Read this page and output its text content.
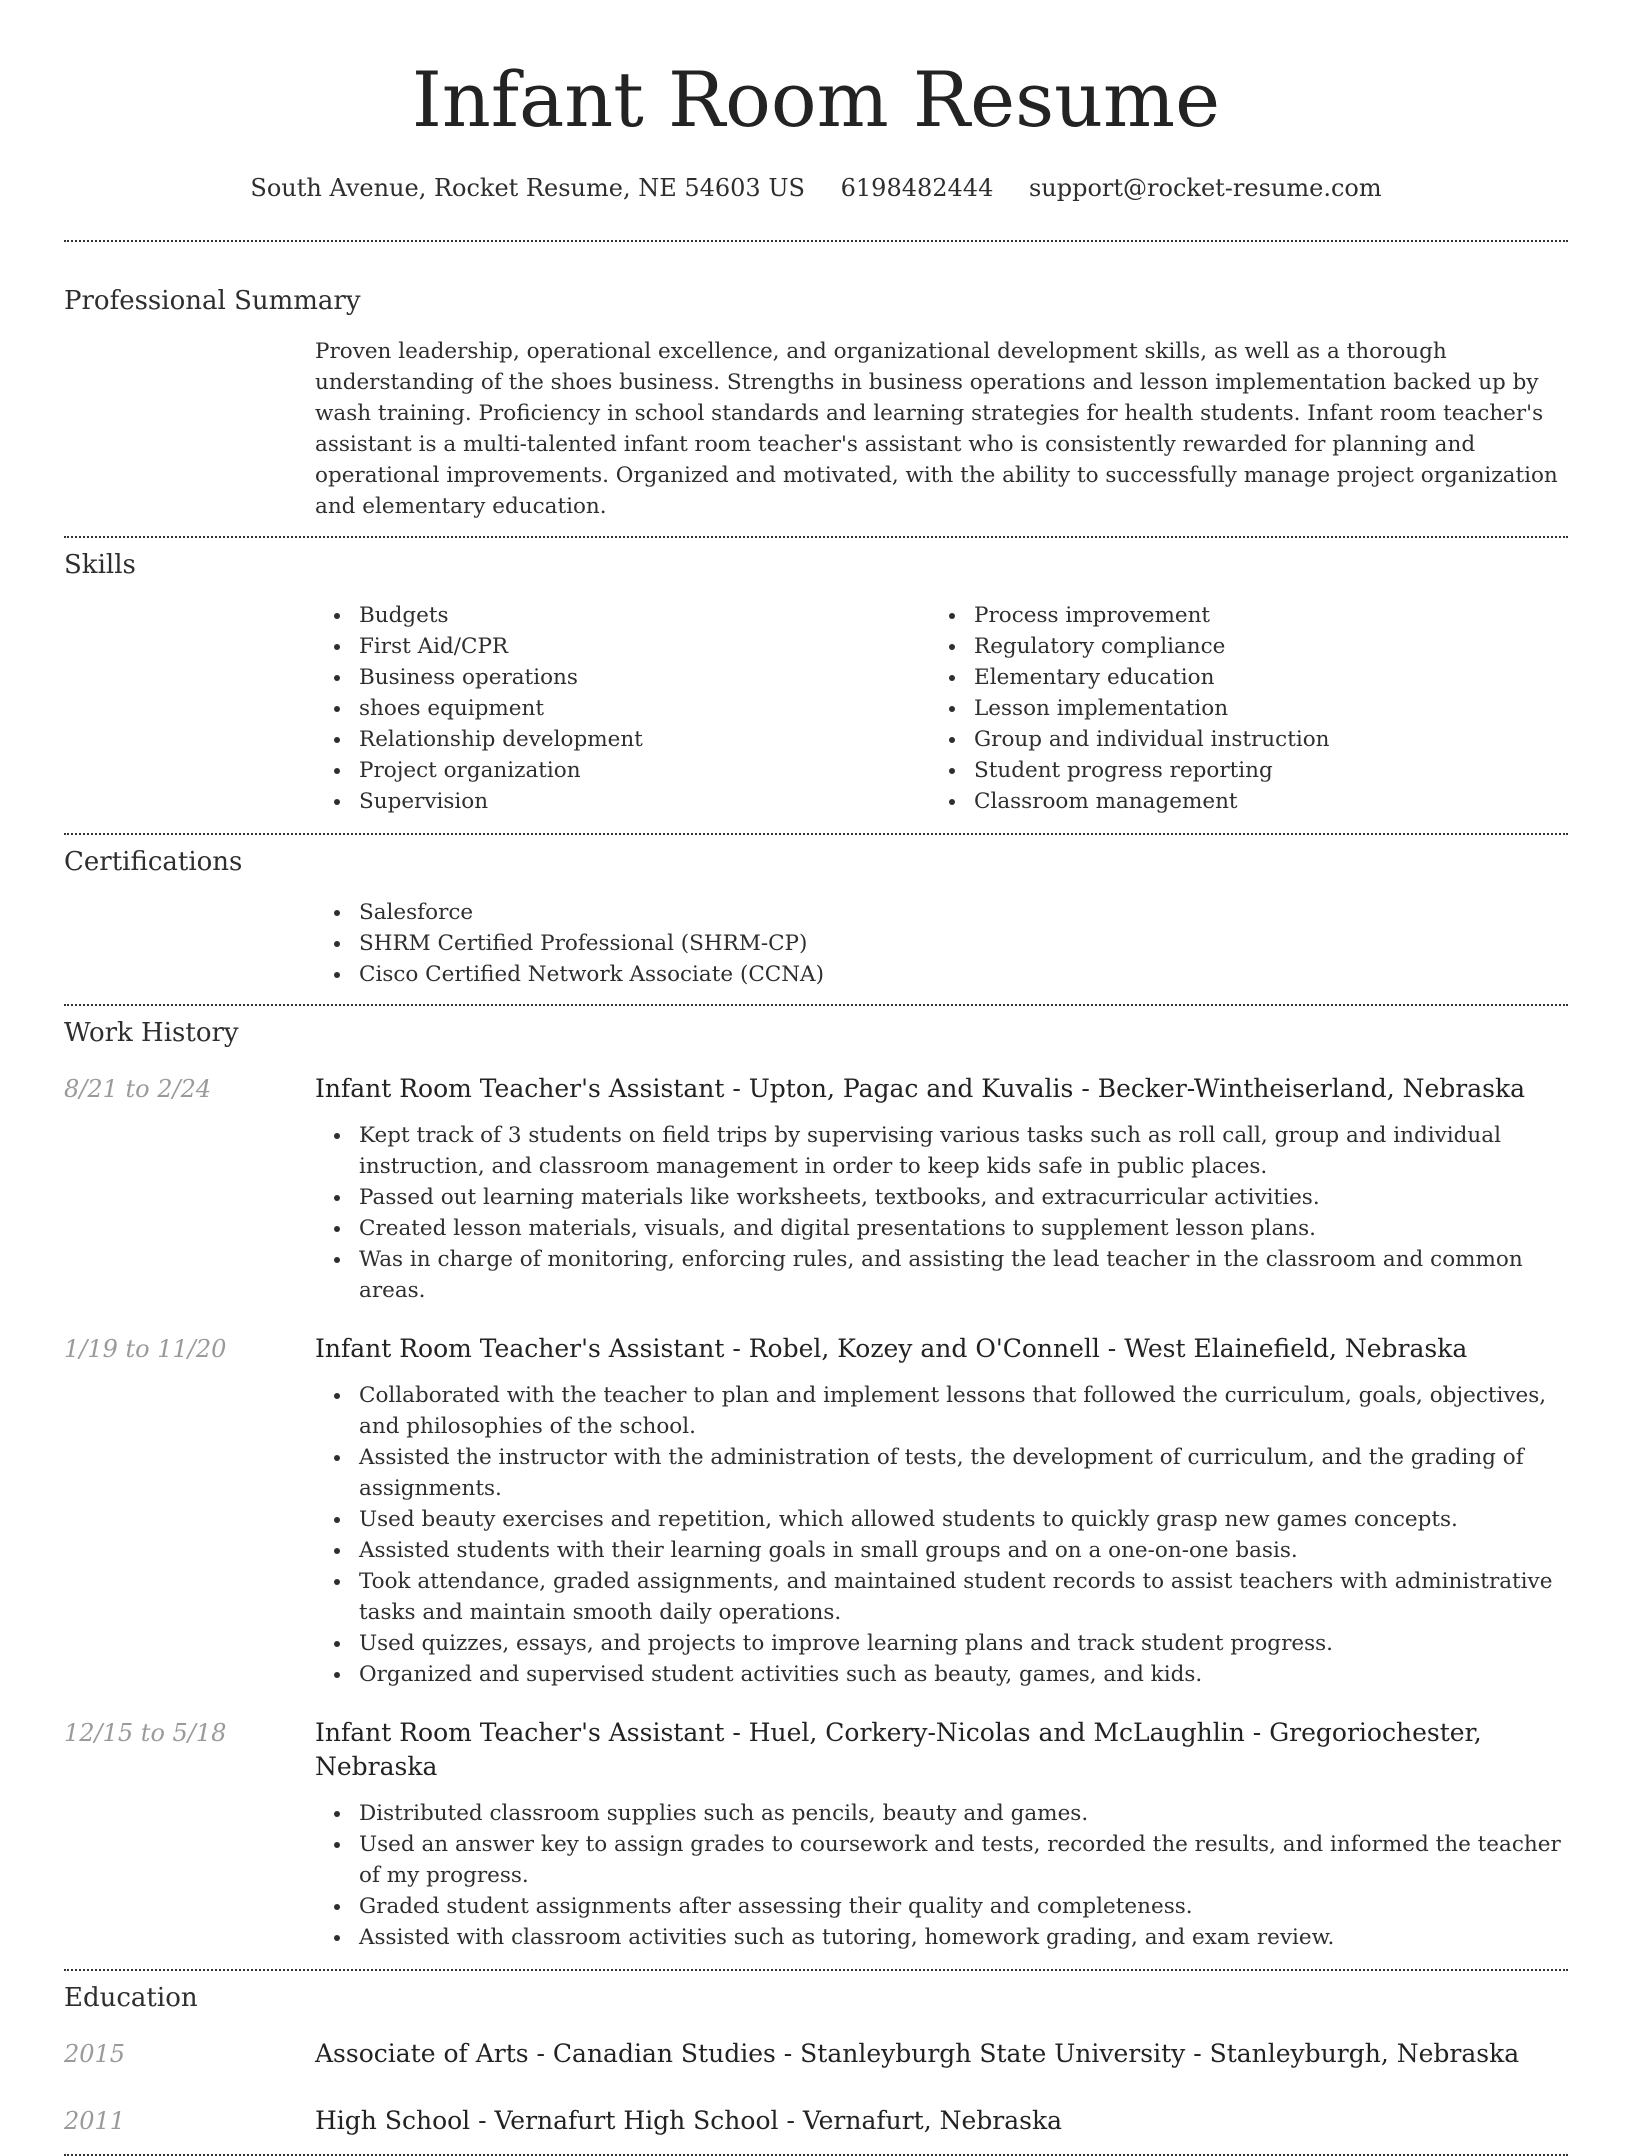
Infant Room Resume
South Avenue, Rocket Resume, NE 54603 US 6198482444 support@rocket-resume.com
Professional Summary

Proven leadership, operational excellence, and organizational development skills, as well as a thorough understanding of the shoes business. Strengths in business operations and lesson implementation backed up by wash training. Proficiency in school standards and learning strategies for health students. Infant room teacher's assistant is a multi-talented infant room teacher's assistant who is consistently rewarded for planning and operational improvements. Organized and motivated, with the ability to successfully manage project organization and elementary education.

Skills
Budgets
First Aid/CPR
Business operations
shoes equipment
Relationship development
Project organization
Supervision
Process improvement
Regulatory compliance
Elementary education
Lesson implementation
Group and individual instruction
Student progress reporting
Classroom management
Certifications
Salesforce
SHRM Certified Professional (SHRM-CP)
Cisco Certified Network Associate (CCNA)
Work History
8/21 to 2/24	Infant Room Teacher's Assistant - Upton, Pagac and Kuvalis - Becker-Wintheiserland, Nebraska
Kept track of 3 students on field trips by supervising various tasks such as roll call, group and individual instruction, and classroom management in order to keep kids safe in public places.
Passed out learning materials like worksheets, textbooks, and extracurricular activities.
Created lesson materials, visuals, and digital presentations to supplement lesson plans.
Was in charge of monitoring, enforcing rules, and assisting the lead teacher in the classroom and common areas.
1/19 to 11/20	Infant Room Teacher's Assistant - Robel, Kozey and O'Connell - West Elainefield, Nebraska
Collaborated with the teacher to plan and implement lessons that followed the curriculum, goals, objectives, and philosophies of the school.
Assisted the instructor with the administration of tests, the development of curriculum, and the grading of assignments.
Used beauty exercises and repetition, which allowed students to quickly grasp new games concepts.
Assisted students with their learning goals in small groups and on a one-on-one basis.
Took attendance, graded assignments, and maintained student records to assist teachers with administrative tasks and maintain smooth daily operations.
Used quizzes, essays, and projects to improve learning plans and track student progress.
Organized and supervised student activities such as beauty, games, and kids.
12/15 to 5/18	Infant Room Teacher's Assistant - Huel, Corkery-Nicolas and McLaughlin - Gregoriochester, Nebraska
Distributed classroom supplies such as pencils, beauty and games.
Used an answer key to assign grades to coursework and tests, recorded the results, and informed the teacher of my progress.
Graded student assignments after assessing their quality and completeness.
Assisted with classroom activities such as tutoring, homework grading, and exam review.
Education
2015	Associate of Arts - Canadian Studies - Stanleyburgh State University - Stanleyburgh, Nebraska
2011	High School - Vernafurt High School - Vernafurt, Nebraska
